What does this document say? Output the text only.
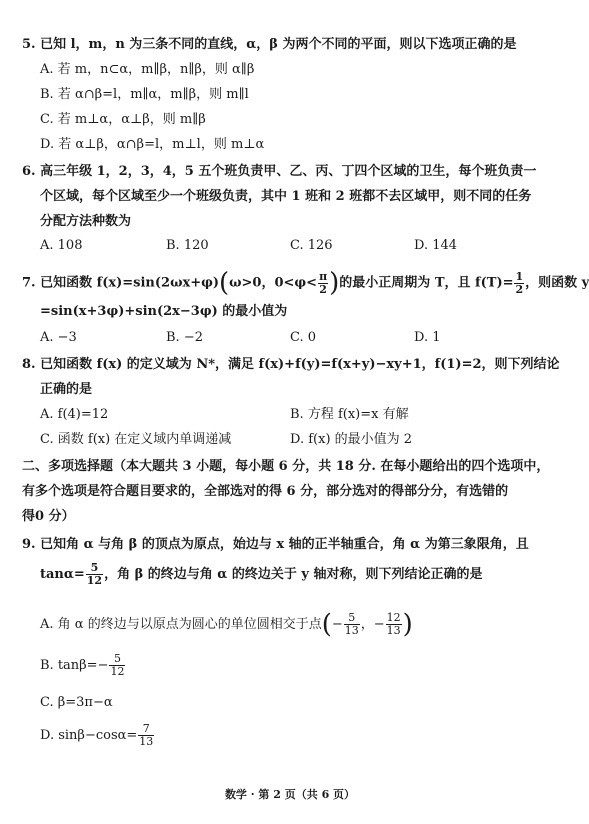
5. 已知 l，m，n 为三条不同的直线，α，β 为两个不同的平面，则以下选项正确的是
A. 若 m，n⊂α，m∥β，n∥β，则 α∥β
B. 若 α∩β=l，m∥α，m∥β，则 m∥l
C. 若 m⊥α，α⊥β，则 m∥β
D. 若 α⊥β，α∩β=l，m⊥l，则 m⊥α
6. 高三年级 1，2，3，4，5 五个班负责甲、乙、丙、丁四个区域的卫生，每个班负责一
个区域，每个区域至少一个班级负责，其中 1 班和 2 班都不去区域甲，则不同的任务
分配方法种数为
A. 108	B. 120	C. 126	D. 144
7. 已知函数 f(x)=sin(2ωx+φ)(ω>0，$0<\varphi< \frac{\pi}{2}$ )的最小正周期为 T，且 $f(T)= \frac{1}{2}$ ，则函数 y
=sin(x+3φ)+sin(2x−3φ) 的最小值为
A. −3	B. −2	C. 0	D. 1
8. 已知函数 f(x) 的定义域为 N*，满足 f(x)+f(y)=f(x+y)−xy+1，f(1)=2，则下列结论
正确的是
A. f(4)=12	B. 方程 f(x)=x 有解
C. 函数 f(x) 在定义域内单调递减	D. f(x) 的最小值为 2
二、多项选择题（本大题共 3 小题，每小题 6 分，共 18 分. 在每小题给出的四个选项中，
有多个选项是符合题目要求的，全部选对的得 6 分，部分选对的得部分分，有选错的
得0 分）
9. 已知角 α 与角 β 的顶点为原点，始边与 x 轴的正半轴重合，角 α 为第三象限角，且
$\tan\alpha= \frac{5}{12}$ ，角 β 的终边与角 α 的终边关于 y 轴对称，则下列结论正确的是
A. 角 α 的终边与以原点为圆心的单位圆相交于点(− $\frac{5}{13}$ ，− $\frac{12}{13}$ )
B. $\tan\beta=- \frac{5}{12}$
C. β=3π−α
D. $\sin\beta-\cos\alpha= \frac{7}{13}$
数学 · 第 2 页（共 6 页）
